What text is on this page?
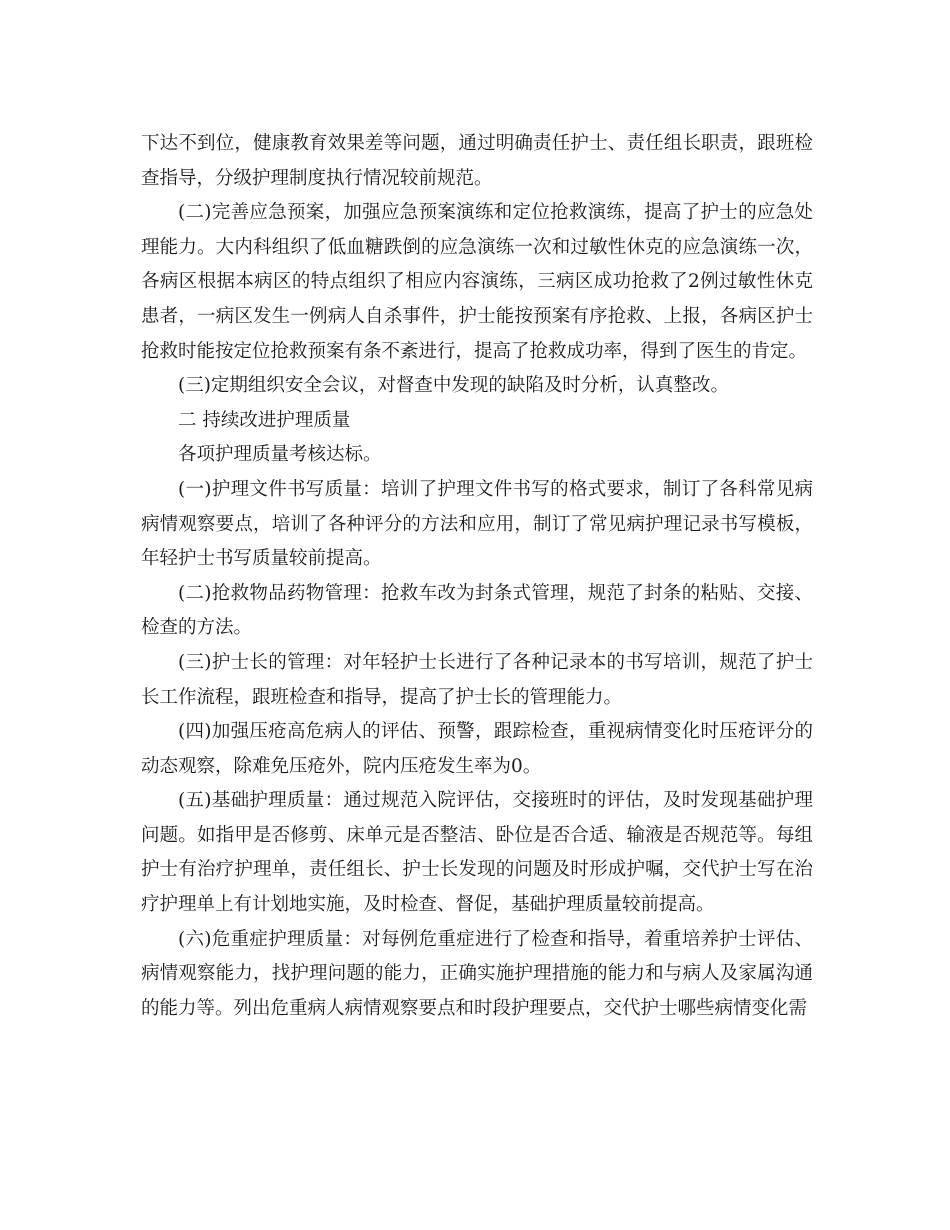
下达不到位，健康教育效果差等问题，通过明确责任护士、责任组长职责，跟班检查指导，分级护理制度执行情况较前规范。

(二)完善应急预案，加强应急预案演练和定位抢救演练，提高了护士的应急处理能力。大内科组织了低血糖跌倒的应急演练一次和过敏性休克的应急演练一次，各病区根据本病区的特点组织了相应内容演练，三病区成功抢救了2例过敏性休克患者，一病区发生一例病人自杀事件，护士能按预案有序抢救、上报，各病区护士抢救时能按定位抢救预案有条不紊进行，提高了抢救成功率，得到了医生的肯定。

(三)定期组织安全会议，对督查中发现的缺陷及时分析，认真整改。

二 持续改进护理质量

各项护理质量考核达标。

(一)护理文件书写质量：培训了护理文件书写的格式要求，制订了各科常见病病情观察要点，培训了各种评分的方法和应用，制订了常见病护理记录书写模板，年轻护士书写质量较前提高。

(二)抢救物品药物管理：抢救车改为封条式管理，规范了封条的粘贴、交接、检查的方法。

(三)护士长的管理：对年轻护士长进行了各种记录本的书写培训，规范了护士长工作流程，跟班检查和指导，提高了护士长的管理能力。

(四)加强压疮高危病人的评估、预警，跟踪检查，重视病情变化时压疮评分的动态观察，除难免压疮外，院内压疮发生率为0。

(五)基础护理质量：通过规范入院评估，交接班时的评估，及时发现基础护理问题。如指甲是否修剪、床单元是否整洁、卧位是否合适、输液是否规范等。每组护士有治疗护理单，责任组长、护士长发现的问题及时形成护嘱，交代护士写在治疗护理单上有计划地实施，及时检查、督促，基础护理质量较前提高。

(六)危重症护理质量：对每例危重症进行了检查和指导，着重培养护士评估、病情观察能力，找护理问题的能力，正确实施护理措施的能力和与病人及家属沟通的能力等。列出危重病人病情观察要点和时段护理要点，交代护士哪些病情变化需
